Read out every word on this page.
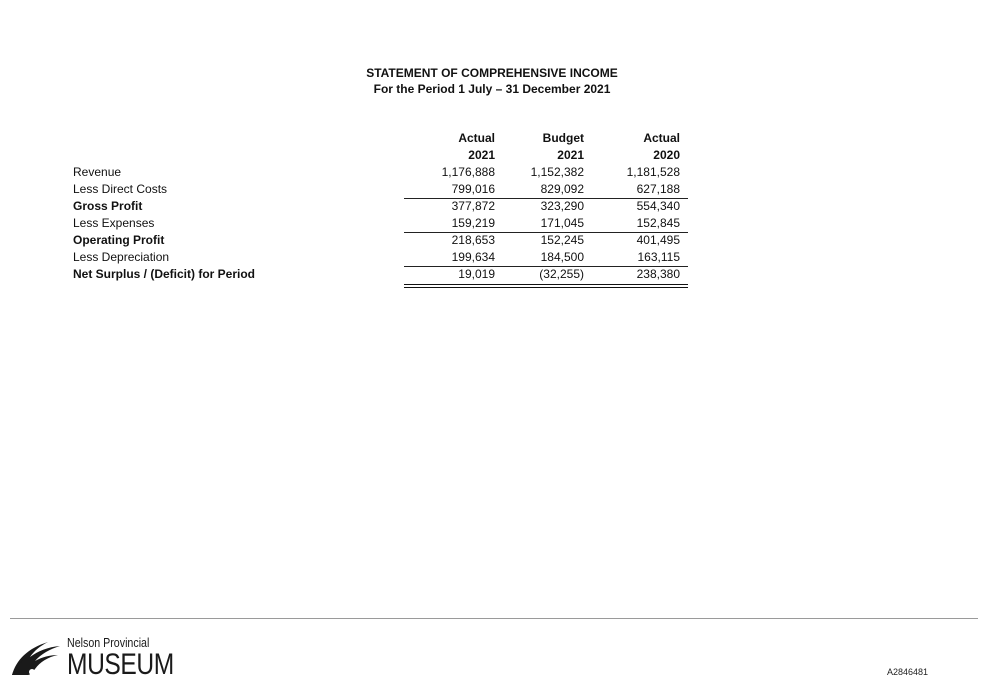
STATEMENT OF COMPREHENSIVE INCOME
For the Period 1 July – 31 December 2021
Actual	Budget	Actual
2021	2021	2020
Revenue	1,176,888	1,152,382	1,181,528
Less Direct Costs	799,016	829,092	627,188
Gross Profit	377,872	323,290	554,340
Less Expenses	159,219	171,045	152,845
Operating Profit	218,653	152,245	401,495
Less Depreciation	199,634	184,500	163,115
Net Surplus / (Deficit) for Period	19,019	(32,255)	238,380
Nelson Provincial
MUSEUM	A2846481
